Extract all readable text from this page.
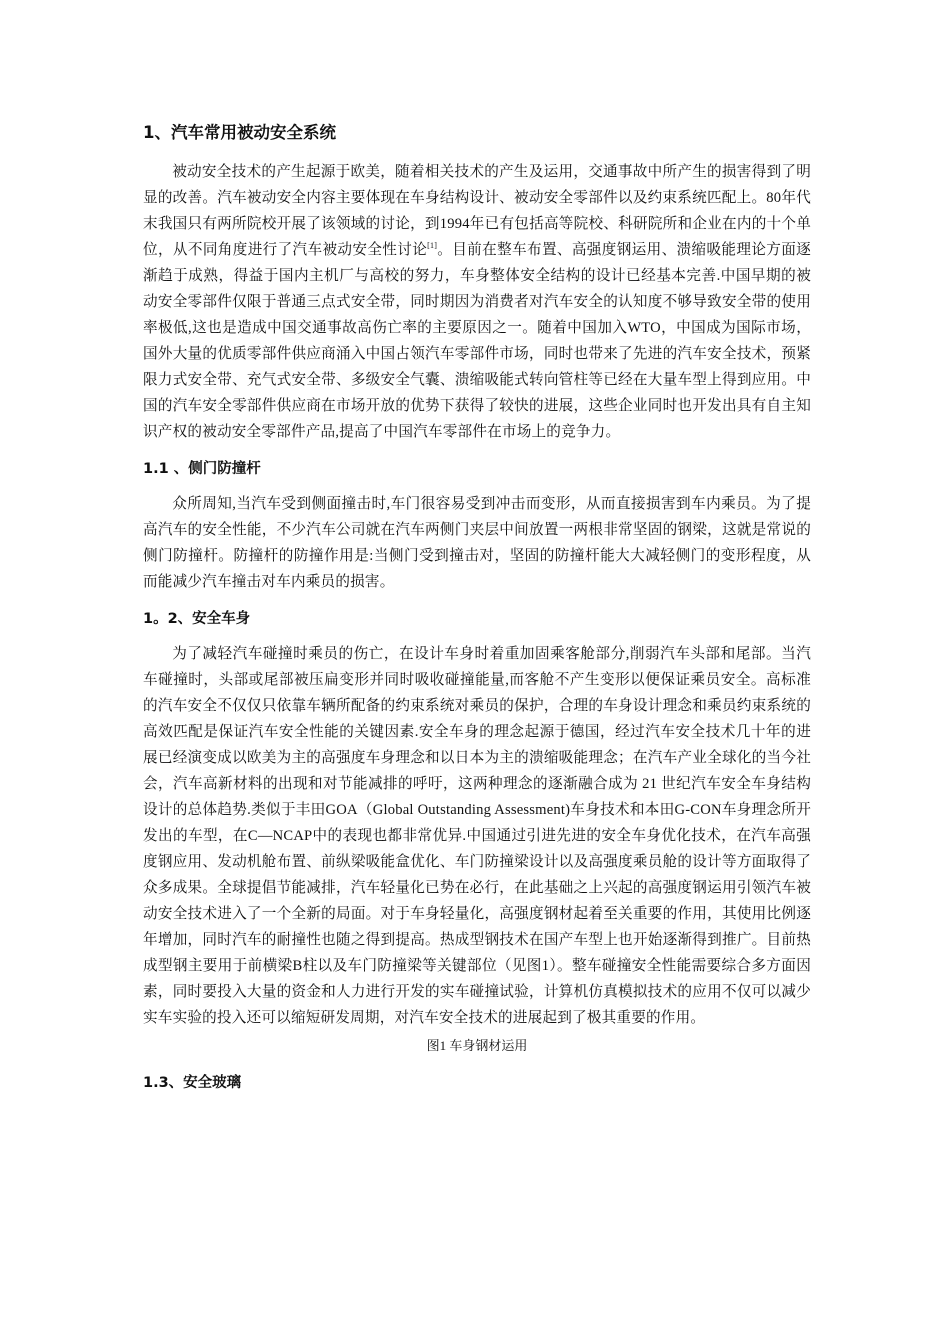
1、汽车常用被动安全系统

被动安全技术的产生起源于欧美，随着相关技术的产生及运用，交通事故中所产生的损害得到了明显的改善。汽车被动安全内容主要体现在车身结构设计、被动安全零部件以及约束系统匹配上。80年代末我国只有两所院校开展了该领域的讨论，到1994年已有包括高等院校、科研院所和企业在内的十个单位，从不同角度进行了汽车被动安全性讨论[1]。目前在整车布置、高强度钢运用、溃缩吸能理论方面逐渐趋于成熟，得益于国内主机厂与高校的努力，车身整体安全结构的设计已经基本完善.中国早期的被动安全零部件仅限于普通三点式安全带，同时期因为消费者对汽车安全的认知度不够导致安全带的使用率极低,这也是造成中国交通事故高伤亡率的主要原因之一。随着中国加入WTO，中国成为国际市场，国外大量的优质零部件供应商涌入中国占领汽车零部件市场，同时也带来了先进的汽车安全技术，预紧限力式安全带、充气式安全带、多级安全气囊、溃缩吸能式转向管柱等已经在大量车型上得到应用。中国的汽车安全零部件供应商在市场开放的优势下获得了较快的进展，这些企业同时也开发出具有自主知识产权的被动安全零部件产品,提高了中国汽车零部件在市场上的竞争力。

1.1 、侧门防撞杆

众所周知,当汽车受到侧面撞击时,车门很容易受到冲击而变形，从而直接损害到车内乘员。为了提高汽车的安全性能，不少汽车公司就在汽车两侧门夹层中间放置一两根非常坚固的钢梁，这就是常说的侧门防撞杆。防撞杆的防撞作用是:当侧门受到撞击对，坚固的防撞杆能大大减轻侧门的变形程度，从而能减少汽车撞击对车内乘员的损害。

1。2、安全车身

为了减轻汽车碰撞时乘员的伤亡，在设计车身时着重加固乘客舱部分,削弱汽车头部和尾部。当汽车碰撞时，头部或尾部被压扁变形并同时吸收碰撞能量,而客舱不产生变形以便保证乘员安全。高标准的汽车安全不仅仅只依靠车辆所配备的约束系统对乘员的保护，合理的车身设计理念和乘员约束系统的高效匹配是保证汽车安全性能的关键因素.安全车身的理念起源于德国，经过汽车安全技术几十年的进展已经演变成以欧美为主的高强度车身理念和以日本为主的溃缩吸能理念；在汽车产业全球化的当今社会，汽车高新材料的出现和对节能减排的呼吁，这两种理念的逐渐融合成为 21 世纪汽车安全车身结构设计的总体趋势.类似于丰田GOA（Global Outstanding Assessment)车身技术和本田G-CON车身理念所开发出的车型，在C—NCAP中的表现也都非常优异.中国通过引进先进的安全车身优化技术，在汽车高强度钢应用、发动机舱布置、前纵梁吸能盒优化、车门防撞梁设计以及高强度乘员舱的设计等方面取得了众多成果。全球提倡节能减排，汽车轻量化已势在必行，在此基础之上兴起的高强度钢运用引领汽车被动安全技术进入了一个全新的局面。对于车身轻量化，高强度钢材起着至关重要的作用，其使用比例逐年增加，同时汽车的耐撞性也随之得到提高。热成型钢技术在国产车型上也开始逐渐得到推广。目前热成型钢主要用于前横梁B柱以及车门防撞梁等关键部位（见图1）。整车碰撞安全性能需要综合多方面因素，同时要投入大量的资金和人力进行开发的实车碰撞试验，计算机仿真模拟技术的应用不仅可以减少实车实验的投入还可以缩短研发周期，对汽车安全技术的进展起到了极其重要的作用。

图1 车身钢材运用
1.3、安全玻璃
